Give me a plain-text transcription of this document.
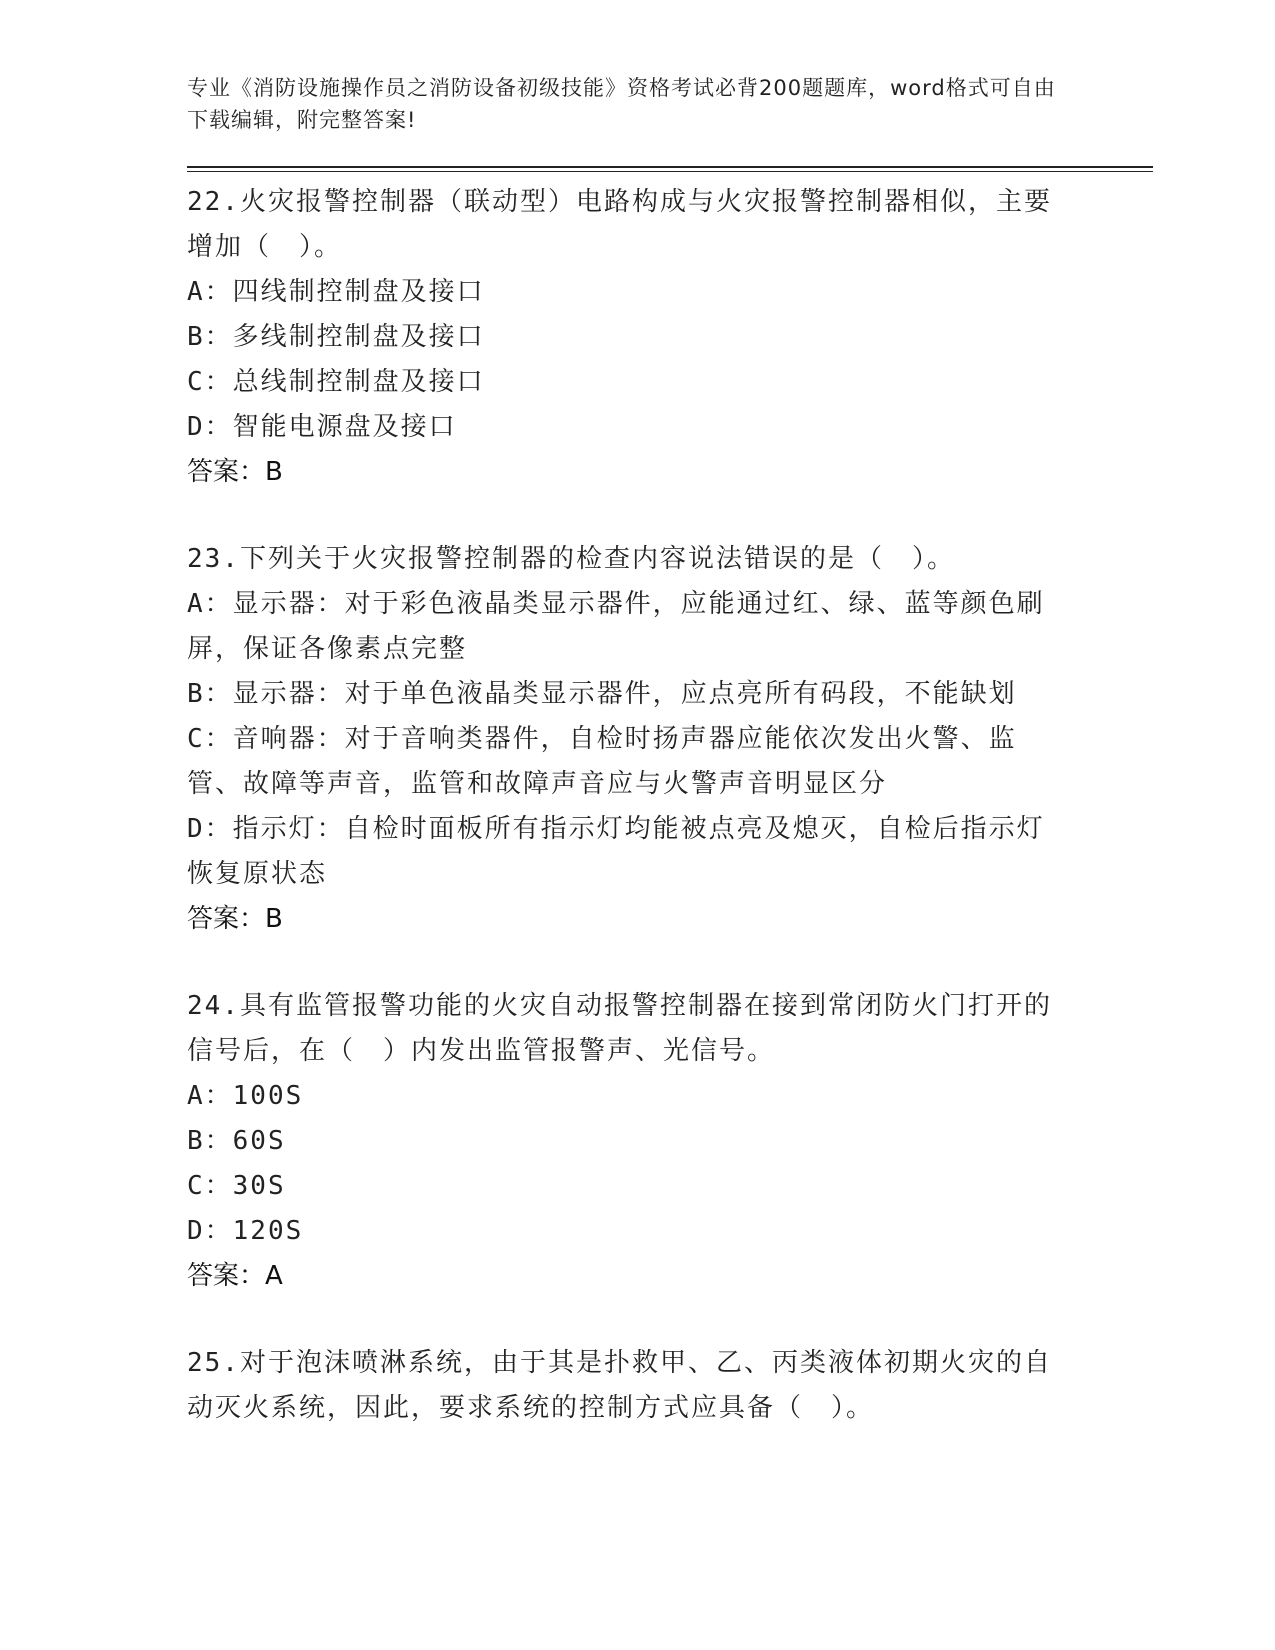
专业《消防设施操作员之消防设备初级技能》资格考试必背200题题库，word格式可自由下载编辑，附完整答案!

22.火灾报警控制器（联动型）电路构成与火灾报警控制器相似，主要增加（　）。

A：四线制控制盘及接口

B：多线制控制盘及接口

C：总线制控制盘及接口

D：智能电源盘及接口

答案：B

23.下列关于火灾报警控制器的检查内容说法错误的是（　）。

A：显示器：对于彩色液晶类显示器件，应能通过红、绿、蓝等颜色刷屏，保证各像素点完整

B：显示器：对于单色液晶类显示器件，应点亮所有码段，不能缺划

C：音响器：对于音响类器件，自检时扬声器应能依次发出火警、监管、故障等声音，监管和故障声音应与火警声音明显区分

D：指示灯：自检时面板所有指示灯均能被点亮及熄灭，自检后指示灯恢复原状态

答案：B

24.具有监管报警功能的火灾自动报警控制器在接到常闭防火门打开的信号后，在（　）内发出监管报警声、光信号。

A：100S

B：60S

C：30S

D：120S

答案：A

25.对于泡沫喷淋系统，由于其是扑救甲、乙、丙类液体初期火灾的自动灭火系统，因此，要求系统的控制方式应具备（　）。
